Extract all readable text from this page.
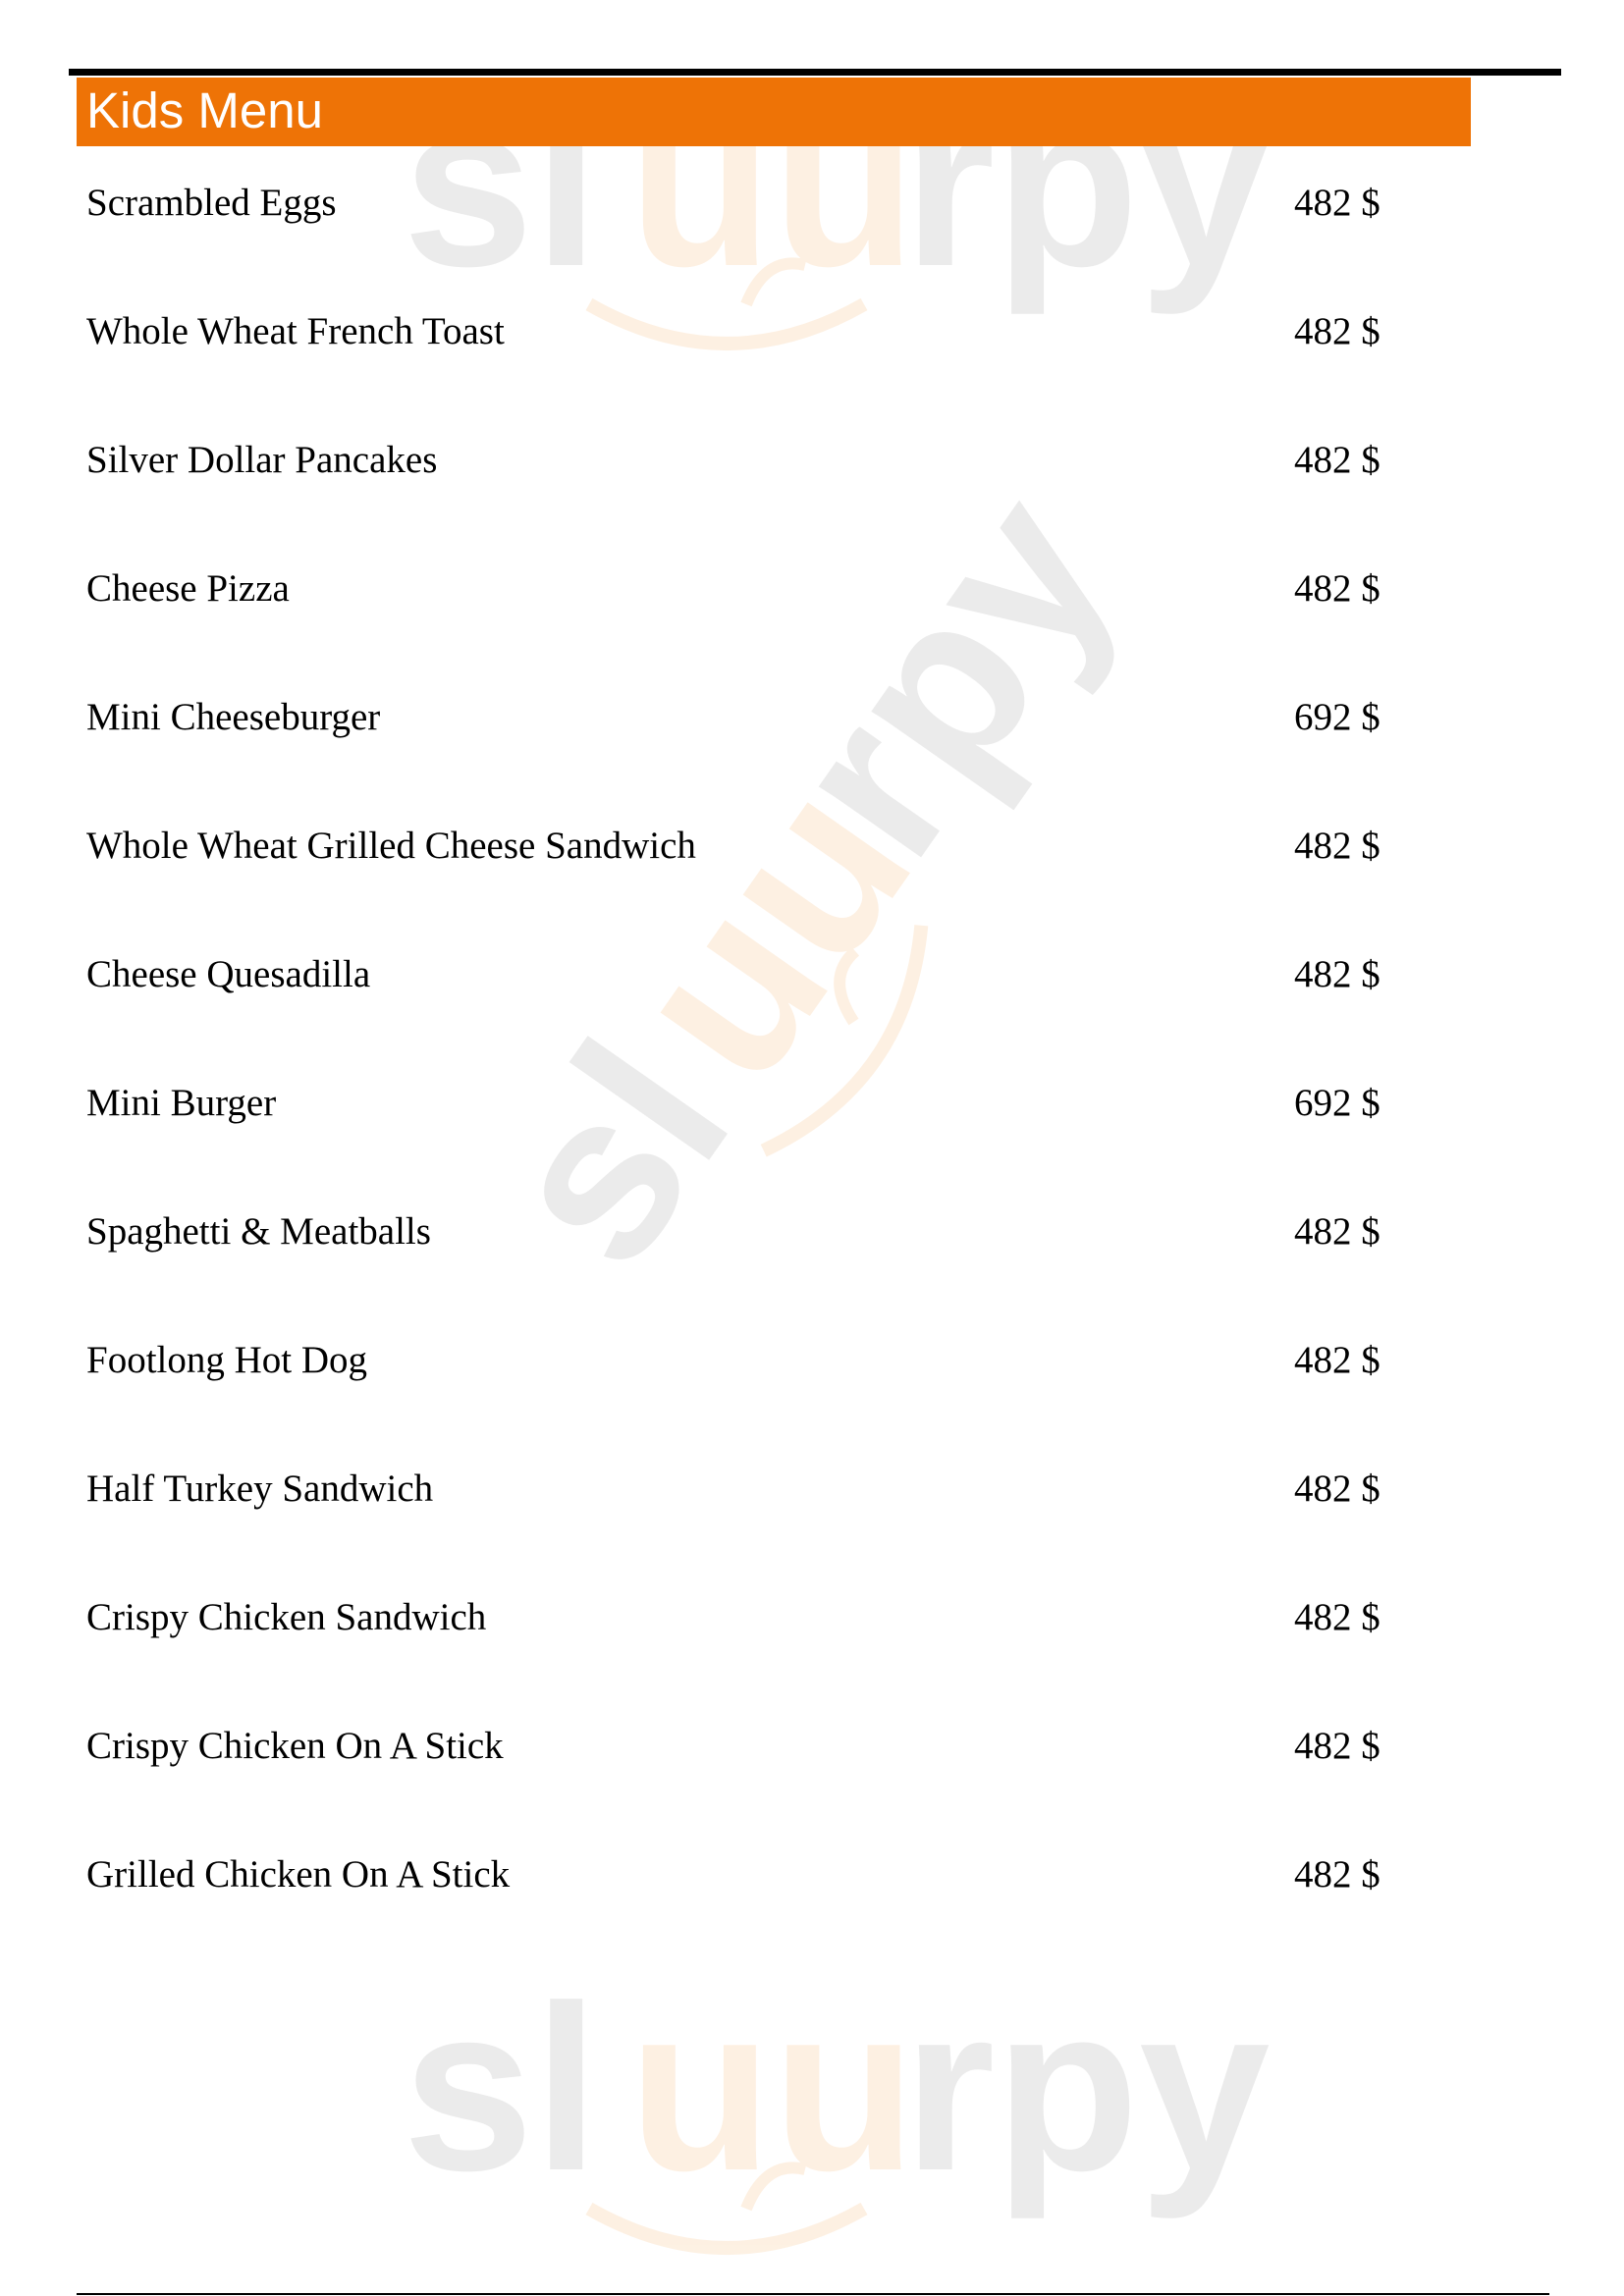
sl uu
rpy
sl
uu
rpy
sl uu
rpy
Kids Menu
Scrambled Eggs	482 $
Whole Wheat French Toast	482 $
Silver Dollar Pancakes	482 $
Cheese Pizza	482 $
Mini Cheeseburger	692 $
Whole Wheat Grilled Cheese Sandwich	482 $
Cheese Quesadilla	482 $
Mini Burger	692 $
Spaghetti & Meatballs	482 $
Footlong Hot Dog	482 $
Half Turkey Sandwich	482 $
Crispy Chicken Sandwich	482 $
Crispy Chicken On A Stick	482 $
Grilled Chicken On A Stick	482 $
